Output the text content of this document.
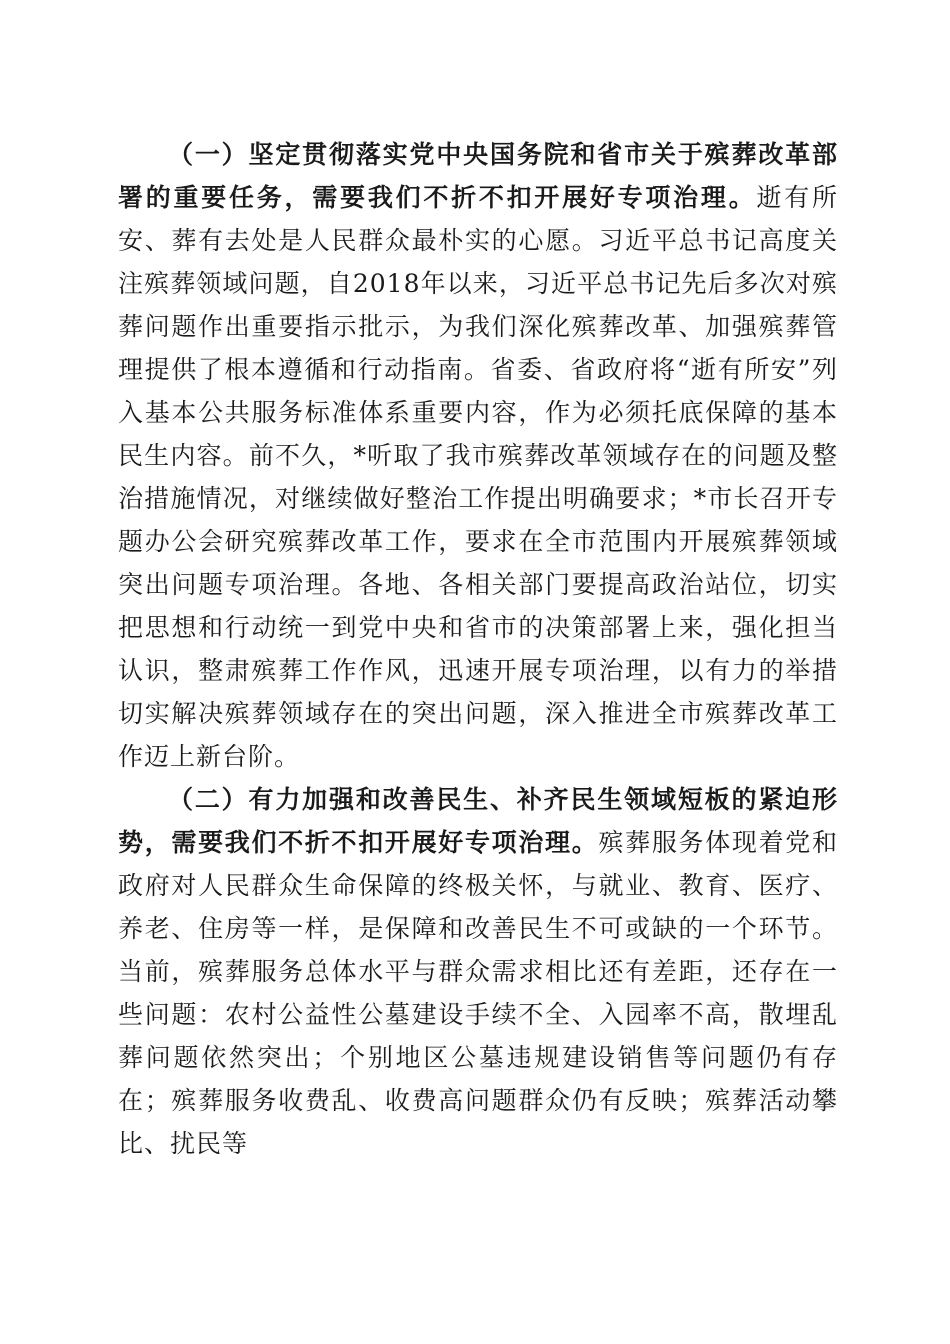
（一）坚定贯彻落实党中央国务院和省市关于殡葬改革部署的重要任务，需要我们不折不扣开展好专项治理。逝有所安、葬有去处是人民群众最朴实的心愿。习近平总书记高度关注殡葬领域问题，自2018年以来，习近平总书记先后多次对殡葬问题作出重要指示批示，为我们深化殡葬改革、加强殡葬管理提供了根本遵循和行动指南。省委、省政府将“逝有所安”列入基本公共服务标准体系重要内容，作为必须托底保障的基本民生内容。前不久，*听取了我市殡葬改革领域存在的问题及整治措施情况，对继续做好整治工作提出明确要求；*市长召开专题办公会研究殡葬改革工作，要求在全市范围内开展殡葬领域突出问题专项治理。各地、各相关部门要提高政治站位，切实把思想和行动统一到党中央和省市的决策部署上来，强化担当认识，整肃殡葬工作作风，迅速开展专项治理，以有力的举措切实解决殡葬领域存在的突出问题，深入推进全市殡葬改革工作迈上新台阶。

（二）有力加强和改善民生、补齐民生领域短板的紧迫形势，需要我们不折不扣开展好专项治理。殡葬服务体现着党和政府对人民群众生命保障的终极关怀，与就业、教育、医疗、养老、住房等一样，是保障和改善民生不可或缺的一个环节。当前，殡葬服务总体水平与群众需求相比还有差距，还存在一些问题：农村公益性公墓建设手续不全、入园率不高，散埋乱葬问题依然突出；个别地区公墓违规建设销售等问题仍有存在；殡葬服务收费乱、收费高问题群众仍有反映；殡葬活动攀比、扰民等
